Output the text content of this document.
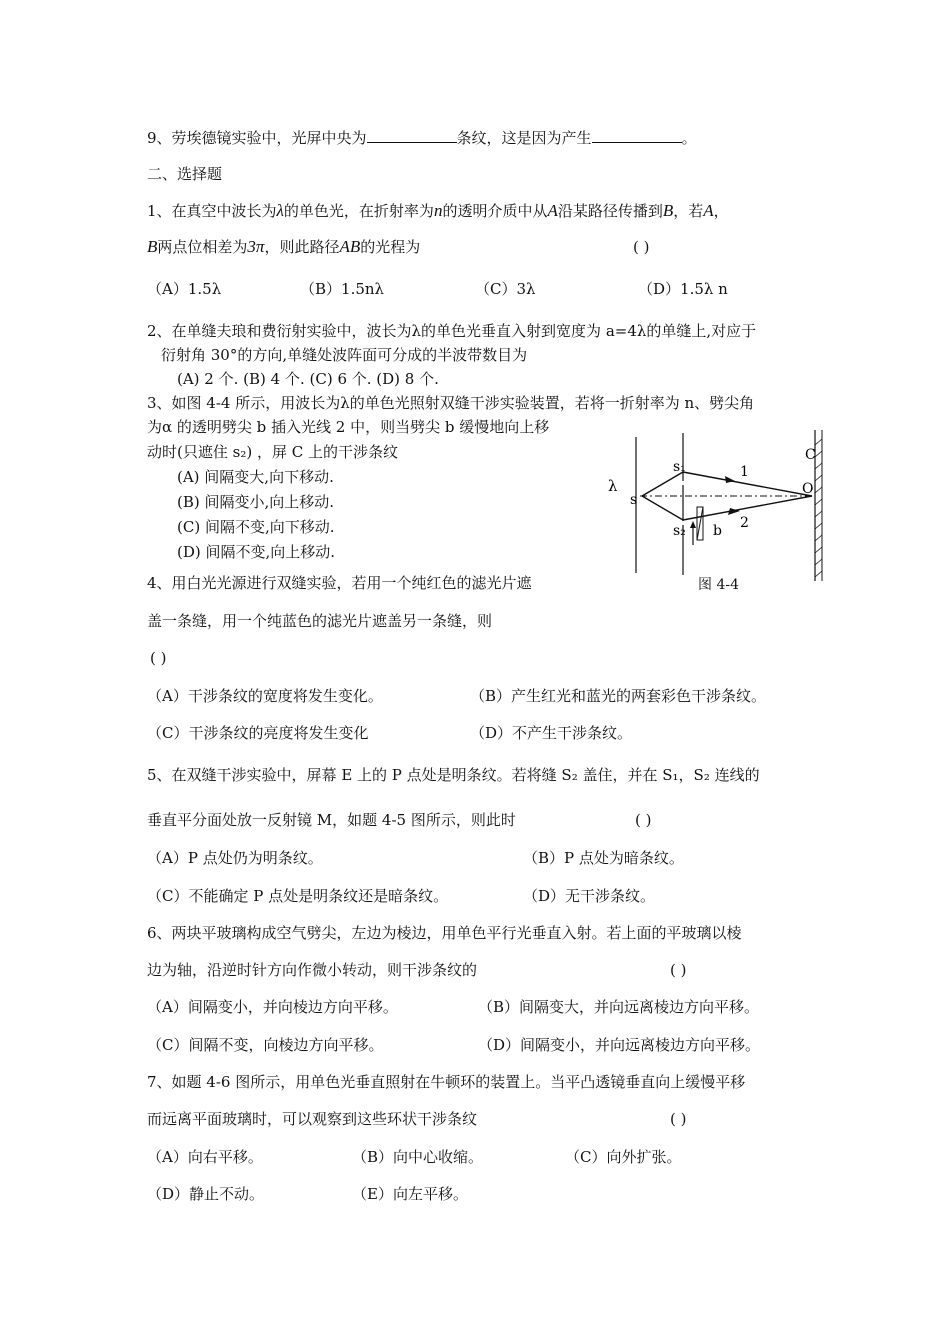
9、劳埃德镜实验中，光屏中央为	条纹，这是因为产生	。
二、选择题
1、在真空中波长为λ的单色光，在折射率为n的透明介质中从A沿某路径传播到B，若A，
B两点位相差为3π，则此路径AB的光程为	( )
（A）1.5λ	（B）1.5nλ	（C）3λ	（D）1.5λ n
2、在单缝夫琅和费衍射实验中，波长为λ的单色光垂直入射到宽度为 a=4λ的单缝上,对应于
衍射角 30°的方向,单缝处波阵面可分成的半波带数目为
(A) 2 个. (B) 4 个. (C) 6 个. (D) 8 个.
3、如图 4-4 所示，用波长为λ的单色光照射双缝干涉实验装置，若将一折射率为 n、劈尖角
为α 的透明劈尖 b 插入光线 2 中，则当劈尖 b 缓慢地向上移
动时(只遮住 s₂) ，屏 C 上的干涉条纹
(A) 间隔变大,向下移动.
(B) 间隔变小,向上移动.
(C) 间隔不变,向下移动.
(D) 间隔不变,向上移动.
λ
s
s₁
s₂
1
2
C
O
b
图 4-4
4、用白光光源进行双缝实验，若用一个纯红色的滤光片遮
盖一条缝，用一个纯蓝色的滤光片遮盖另一条缝，则
( )
（A）干涉条纹的宽度将发生变化。	（B）产生红光和蓝光的两套彩色干涉条纹。
（C）干涉条纹的亮度将发生变化	（D）不产生干涉条纹。
5、在双缝干涉实验中，屏幕 E 上的 P 点处是明条纹。若将缝 S₂ 盖住，并在 S₁，S₂ 连线的
垂直平分面处放一反射镜 M，如题 4-5 图所示，则此时	( )
（A）P 点处仍为明条纹。	（B）P 点处为暗条纹。
（C）不能确定 P 点处是明条纹还是暗条纹。	（D）无干涉条纹。
6、两块平玻璃构成空气劈尖，左边为棱边，用单色平行光垂直入射。若上面的平玻璃以棱
边为轴，沿逆时针方向作微小转动，则干涉条纹的	( )
（A）间隔变小，并向棱边方向平移。	（B）间隔变大，并向远离棱边方向平移。
（C）间隔不变，向棱边方向平移。	（D）间隔变小，并向远离棱边方向平移。
7、如题 4-6 图所示，用单色光垂直照射在牛顿环的装置上。当平凸透镜垂直向上缓慢平移
而远离平面玻璃时，可以观察到这些环状干涉条纹	( )
（A）向右平移。	（B）向中心收缩。	（C）向外扩张。
（D）静止不动。	（E）向左平移。
